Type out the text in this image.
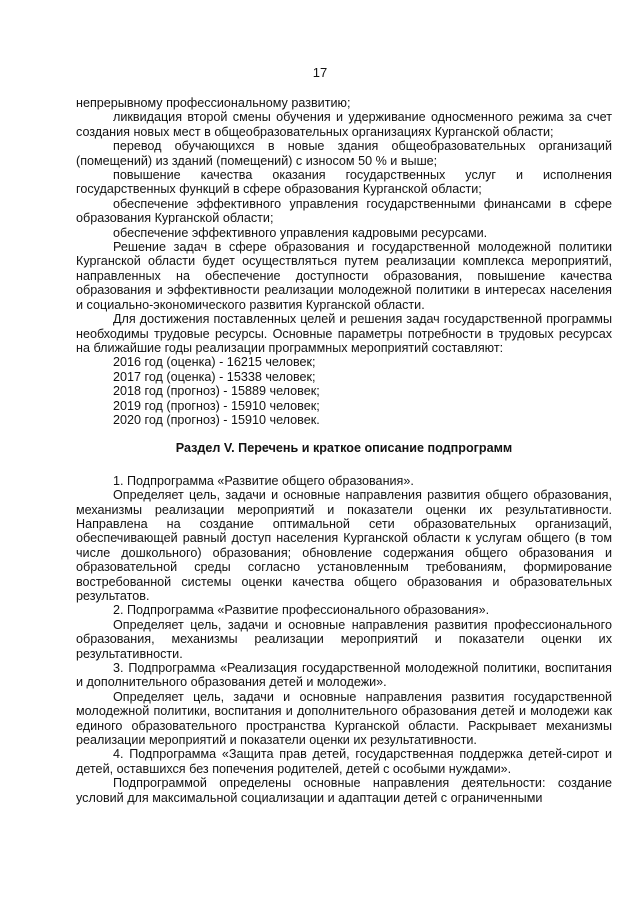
17

непрерывному профессиональному развитию;

ликвидация второй смены обучения и удерживание односменного режима за счет создания новых мест в общеобразовательных организациях Курганской области;

перевод обучающихся в новые здания общеобразовательных организаций (помещений) из зданий (помещений) с износом 50 % и выше;

повышение качества оказания государственных услуг и исполнения государственных функций в сфере образования Курганской области;

обеспечение эффективного управления государственными финансами в сфере образования Курганской области;

обеспечение эффективного управления кадровыми ресурсами.

Решение задач в сфере образования и государственной молодежной политики Курганской области будет осуществляться путем реализации комплекса мероприятий, направленных на обеспечение доступности образования, повышение качества образования и эффективности реализации молодежной политики в интересах населения и социально-экономического развития Курганской области.

Для достижения поставленных целей и решения задач государственной программы необходимы трудовые ресурсы. Основные параметры потребности в трудовых ресурсах на ближайшие годы реализации программных мероприятий составляют:

2016 год (оценка) - 16215 человек;

2017 год (оценка) - 15338 человек;

2018 год (прогноз) - 15889 человек;

2019 год (прогноз) - 15910 человек;

2020 год (прогноз) - 15910 человек.

Раздел V. Перечень и краткое описание подпрограмм

1. Подпрограмма «Развитие общего образования».

Определяет цель, задачи и основные направления развития общего образования, механизмы реализации мероприятий и показатели оценки их результативности. Направлена на создание оптимальной сети образовательных организаций, обеспечивающей равный доступ населения Курганской области к услугам общего (в том числе дошкольного) образования; обновление содержания общего образования и образовательной среды согласно установленным требованиям, формирование востребованной системы оценки качества общего образования и образовательных результатов.

2. Подпрограмма «Развитие профессионального образования».

Определяет цель, задачи и основные направления развития профессионального образования, механизмы реализации мероприятий и показатели оценки их результативности.

3. Подпрограмма «Реализация государственной молодежной политики, воспитания и дополнительного образования детей и молодежи».

Определяет цель, задачи и основные направления развития государственной молодежной политики, воспитания и дополнительного образования детей и молодежи как единого образовательного пространства Курганской области. Раскрывает механизмы реализации мероприятий и показатели оценки их результативности.

4. Подпрограмма «Защита прав детей, государственная поддержка детей-сирот и детей, оставшихся без попечения родителей, детей с особыми нуждами».

Подпрограммой определены основные направления деятельности: создание условий для максимальной социализации и адаптации детей с ограниченными
